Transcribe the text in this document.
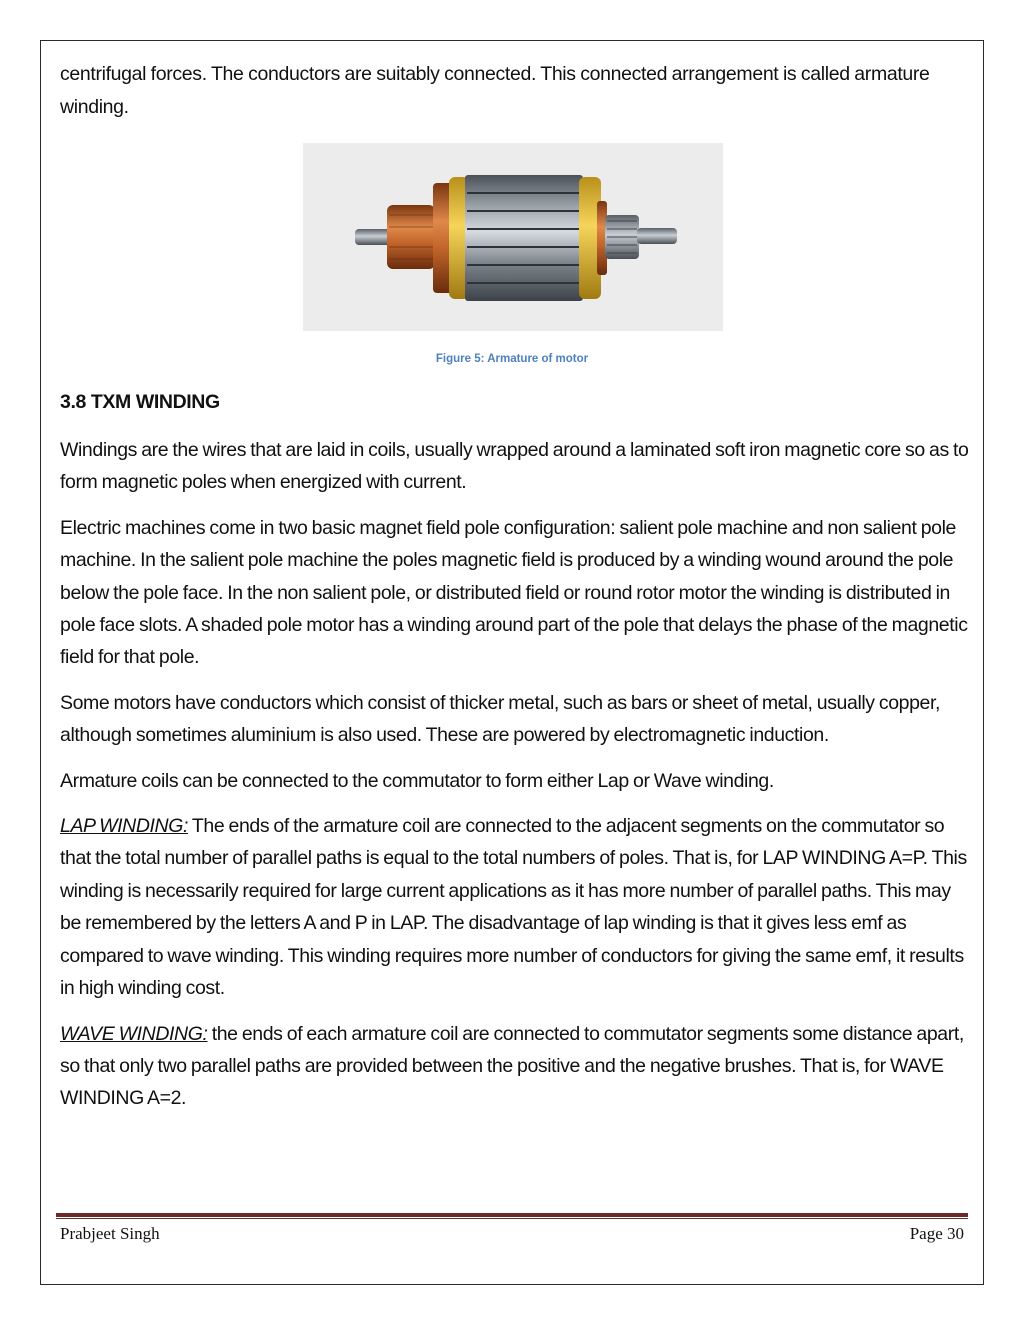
centrifugal forces. The conductors are suitably connected. This connected arrangement is called armature winding.

Figure 5: Armature of motor
3.8 TXM WINDING

Windings are the wires that are laid in coils, usually wrapped around a laminated soft iron magnetic core so as to form magnetic poles when energized with current.

Electric machines come in two basic magnet field pole configuration: salient pole machine and non salient pole machine. In the salient pole machine the poles magnetic field is produced by a winding wound around the pole below the pole face. In the non salient pole, or distributed field or round rotor motor the winding is distributed in pole face slots. A shaded pole motor has a winding around part of the pole that delays the phase of the magnetic field for that pole.

Some motors have conductors which consist of thicker metal, such as bars or sheet of metal, usually copper, although sometimes aluminium is also used. These are powered by electromagnetic induction.

Armature coils can be connected to the commutator to form either Lap or Wave winding.

LAP WINDING: The ends of the armature coil are connected to the adjacent segments on the commutator so that the total number of parallel paths is equal to the total numbers of poles. That is, for LAP WINDING A=P. This winding is necessarily required for large current applications as it has more number of parallel paths. This may be remembered by the letters A and P in LAP. The disadvantage of lap winding is that it gives less emf as compared to wave winding. This winding requires more number of conductors for giving the same emf, it results in high winding cost.

WAVE WINDING: the ends of each armature coil are connected to commutator segments some distance apart, so that only two parallel paths are provided between the positive and the negative brushes. That is, for WAVE WINDING A=2.

Prabjeet Singh	Page 30
